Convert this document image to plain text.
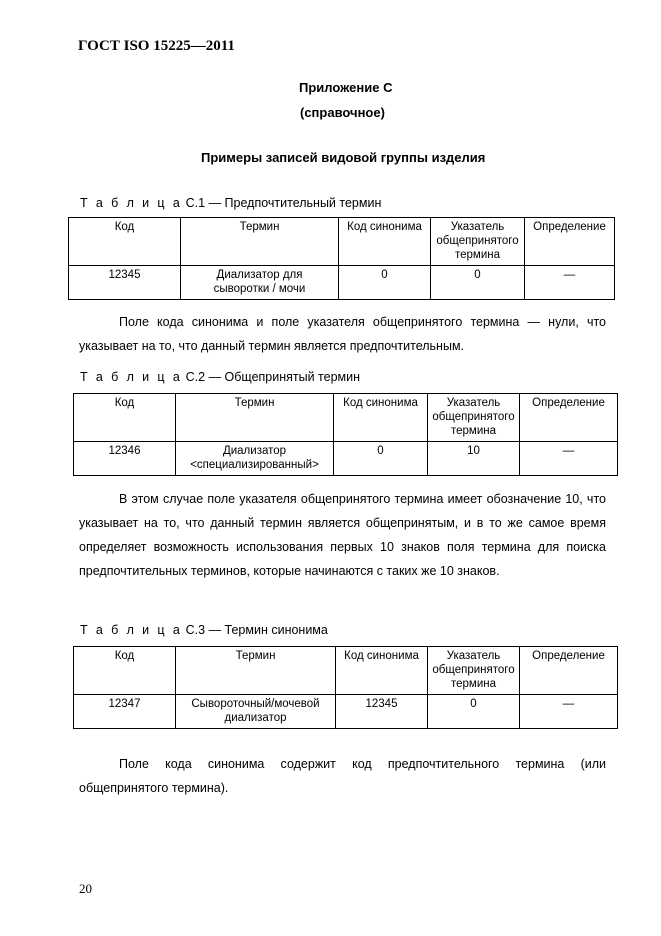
ГОСТ ISO 15225—2011
Приложение C
(справочное)
Примеры записей видовой группы изделия
Т а б л и ц а С.1 — Предпочтительный термин
Код	Термин	Код синонима	Указатель общепринятого термина	Определение
12345	Диализатор для сыворотки / мочи	0	0	—
Поле кода синонима и поле указателя общепринятого термина — нули, что указывает на то, что данный термин является предпочтительным.
Т а б л и ц а С.2 — Общепринятый термин
Код	Термин	Код синонима	Указатель общепринятого термина	Определение
12346	Диализатор <специализированный>	0	10	—
В этом случае поле указателя общепринятого термина имеет обозначение 10, что указывает на то, что данный термин является общепринятым, и в то же самое время определяет возможность использования первых 10 знаков поля термина для поиска предпочтительных терминов, которые начинаются с таких же 10 знаков.
Т а б л и ц а С.3 — Термин синонима
Код	Термин	Код синонима	Указатель общепринятого термина	Определение
12347	Сывороточный/мочевой диализатор	12345	0	—
Поле кода синонима содержит код предпочтительного термина (или общепринятого термина).
20
